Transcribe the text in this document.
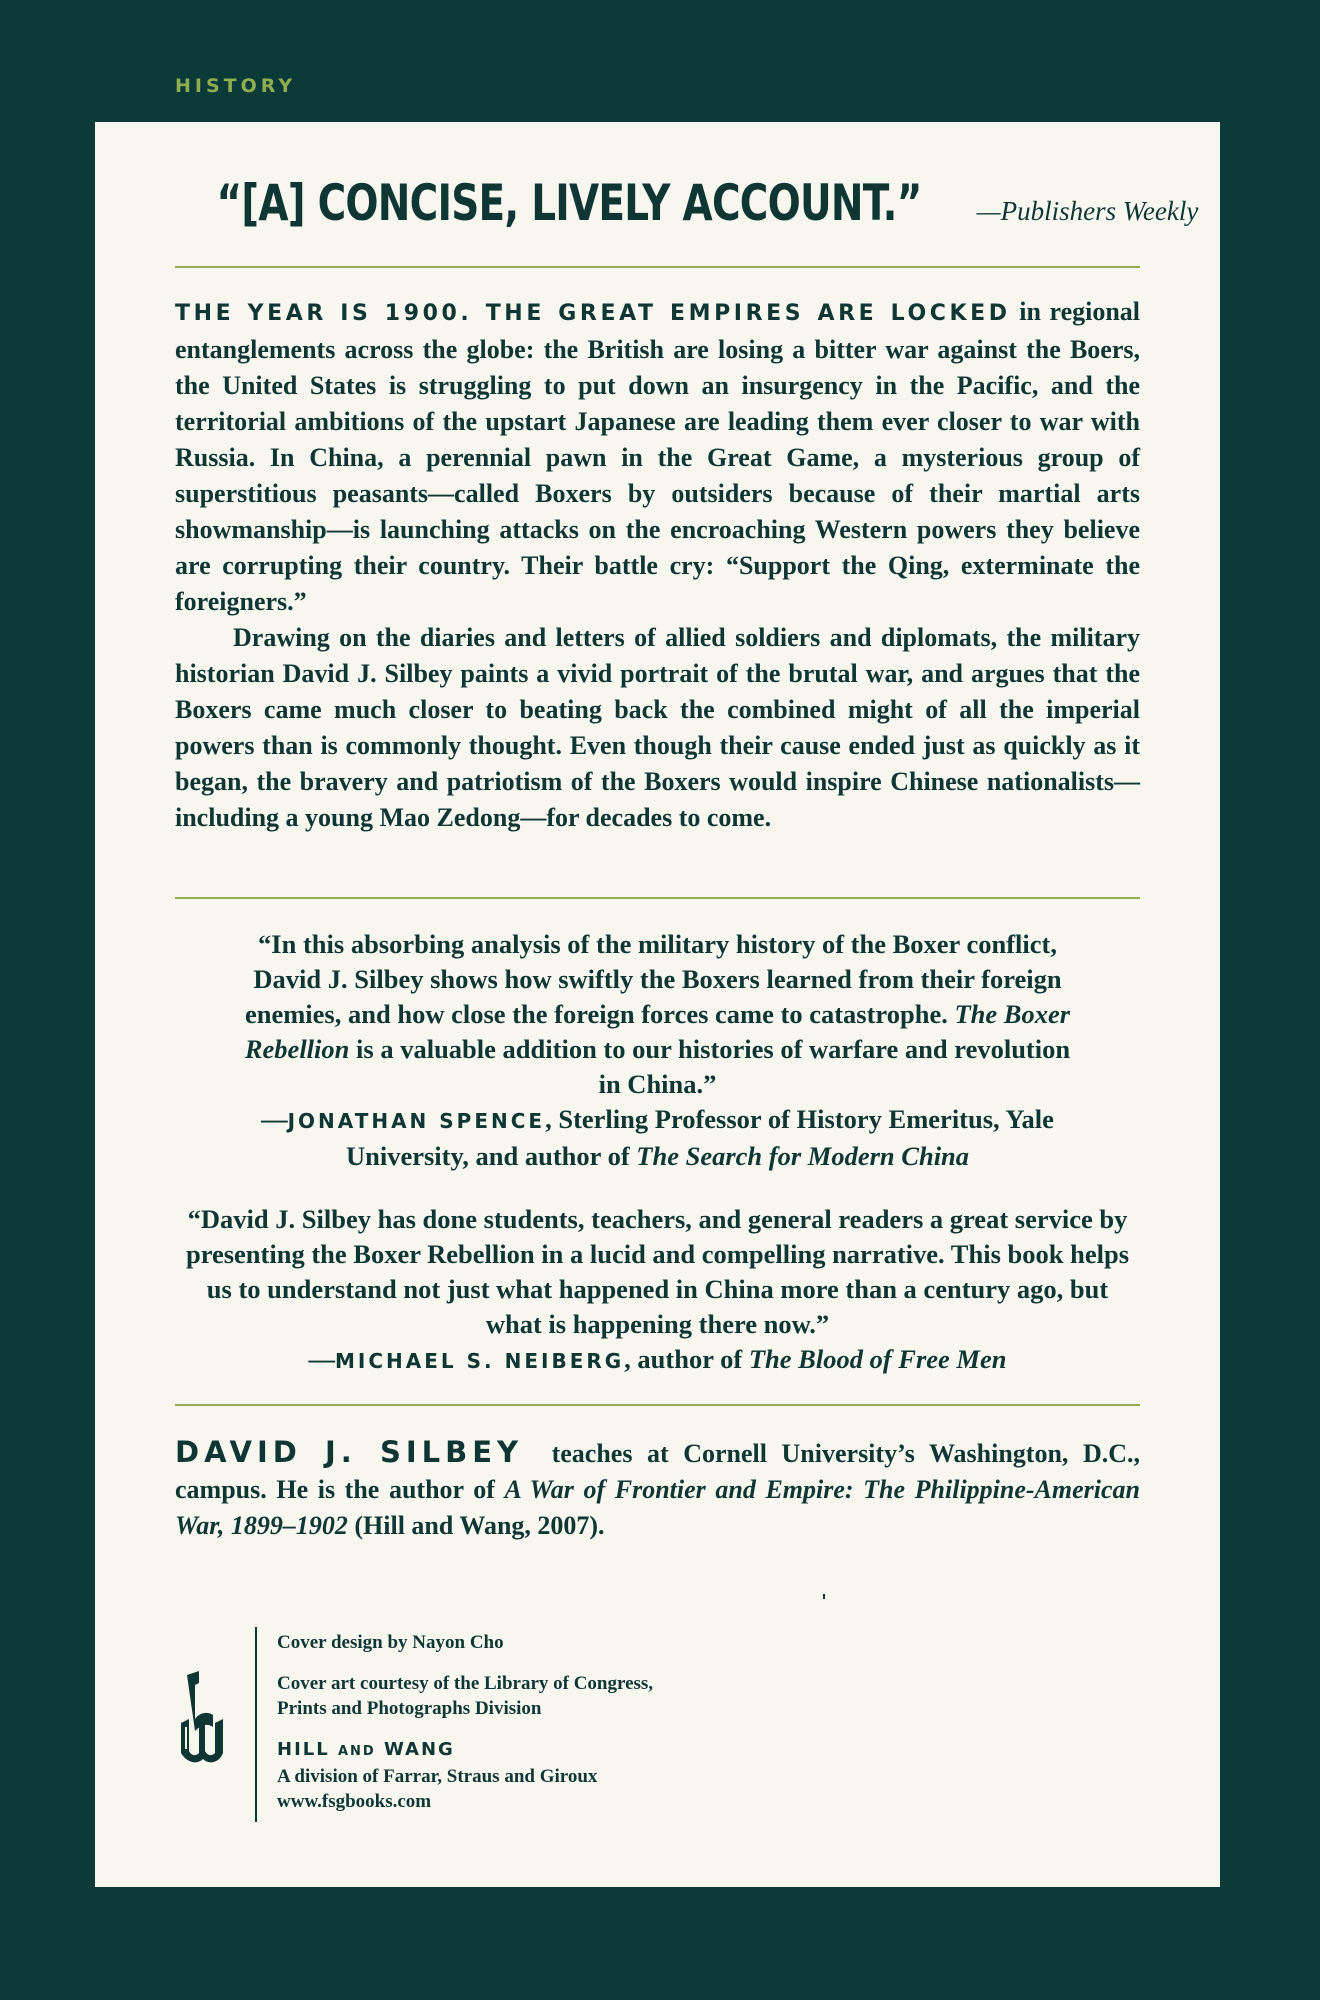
HISTORY
“[A] CONCISE, LIVELY ACCOUNT.” —Publishers Weekly
THE YEAR IS 1900. THE GREAT EMPIRES ARE LOCKED in regional entanglements across the globe: the British are losing a bitter war against the Boers, the United States is struggling to put down an insurgency in the Pacific, and the territorial ambitions of the upstart Japanese are leading them ever closer to war with Russia. In China, a perennial pawn in the Great Game, a mysterious group of superstitious peasants—called Boxers by outsiders because of their martial arts showmanship—is launching attacks on the encroaching Western powers they believe are corrupting their country. Their battle cry: “Support the Qing, exterminate the foreigners.”
Drawing on the diaries and letters of allied soldiers and diplomats, the military historian David J. Silbey paints a vivid portrait of the brutal war, and argues that the Boxers came much closer to beating back the combined might of all the imperial powers than is commonly thought. Even though their cause ended just as quickly as it began, the bravery and patriotism of the Boxers would inspire Chinese nationalists—including a young Mao Zedong—for decades to come.
“In this absorbing analysis of the military history of the Boxer conflict, David J. Silbey shows how swiftly the Boxers learned from their foreign enemies, and how close the foreign forces came to catastrophe. The Boxer Rebellion is a valuable addition to our histories of warfare and revolution in China.”
—JONATHAN SPENCE, Sterling Professor of History Emeritus, Yale University, and author of The Search for Modern China
“David J. Silbey has done students, teachers, and general readers a great service by presenting the Boxer Rebellion in a lucid and compelling narrative. This book helps us to understand not just what happened in China more than a century ago, but what is happening there now.”
—MICHAEL S. NEIBERG, author of The Blood of Free Men
DAVID J. SILBEY teaches at Cornell University’s Washington, D.C., campus. He is the author of A War of Frontier and Empire: The Philippine-American War, 1899–1902 (Hill and Wang, 2007).

Cover design by Nayon Cho

Cover art courtesy of the Library of Congress,
Prints and Photographs Division

HILL AND WANG
A division of Farrar, Straus and Giroux
www.fsgbooks.com
